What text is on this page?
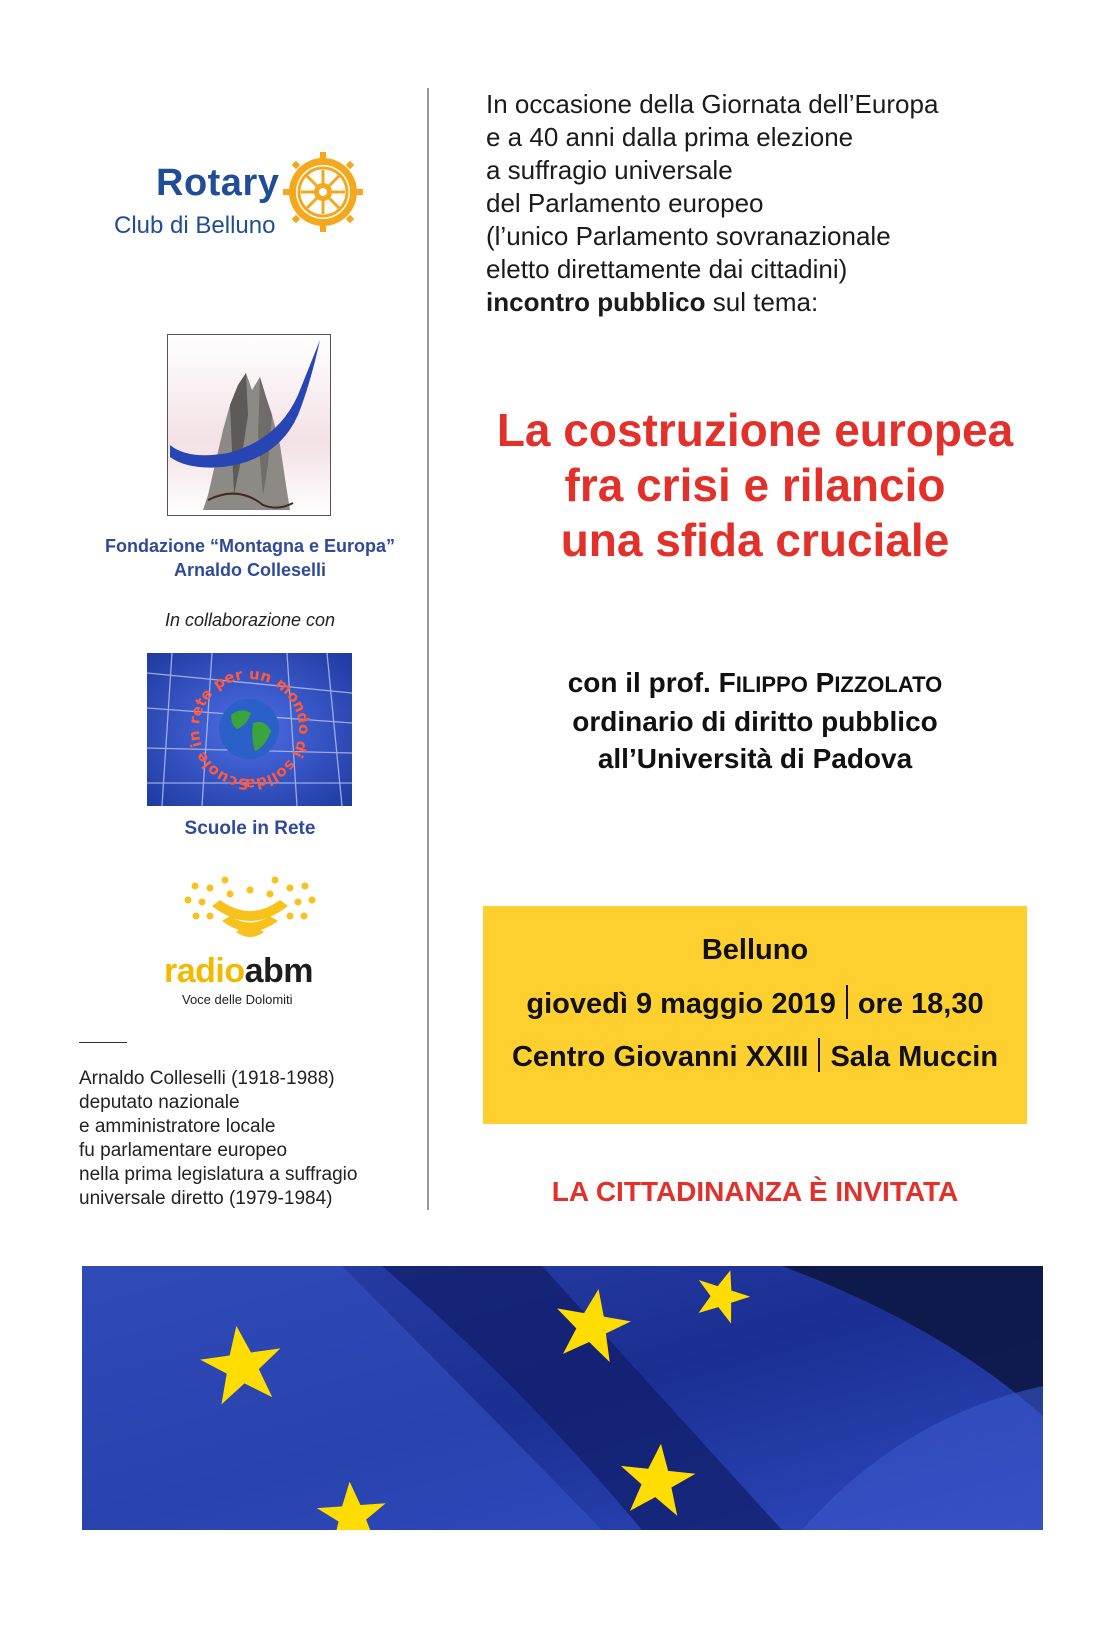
Rotary
Club di Belluno
Fondazione “Montagna e Europa”
Arnaldo Colleselli
In collaborazione con
Scuole in rete per un mondo di solida
Scuole in Rete
radioabm
Voce delle Dolomiti
Arnaldo Colleselli (1918-1988)
deputato nazionale
e amministratore locale
fu parlamentare europeo
nella prima legislatura a suffragio
universale diretto (1979-1984)
In occasione della Giornata dell’Europa
e a 40 anni dalla prima elezione
a suffragio universale
del Parlamento europeo
(l’unico Parlamento sovranazionale
eletto direttamente dai cittadini)
incontro pubblico sul tema:
La costruzione europea
fra crisi e rilancio
una sfida cruciale
con il prof. FILIPPO PIZZOLATO
ordinario di diritto pubblico
all’Università di Padova
Belluno
giovedì 9 maggio 2019 ore 18,30
Centro Giovanni XXIII Sala Muccin
LA CITTADINANZA È INVITATA
